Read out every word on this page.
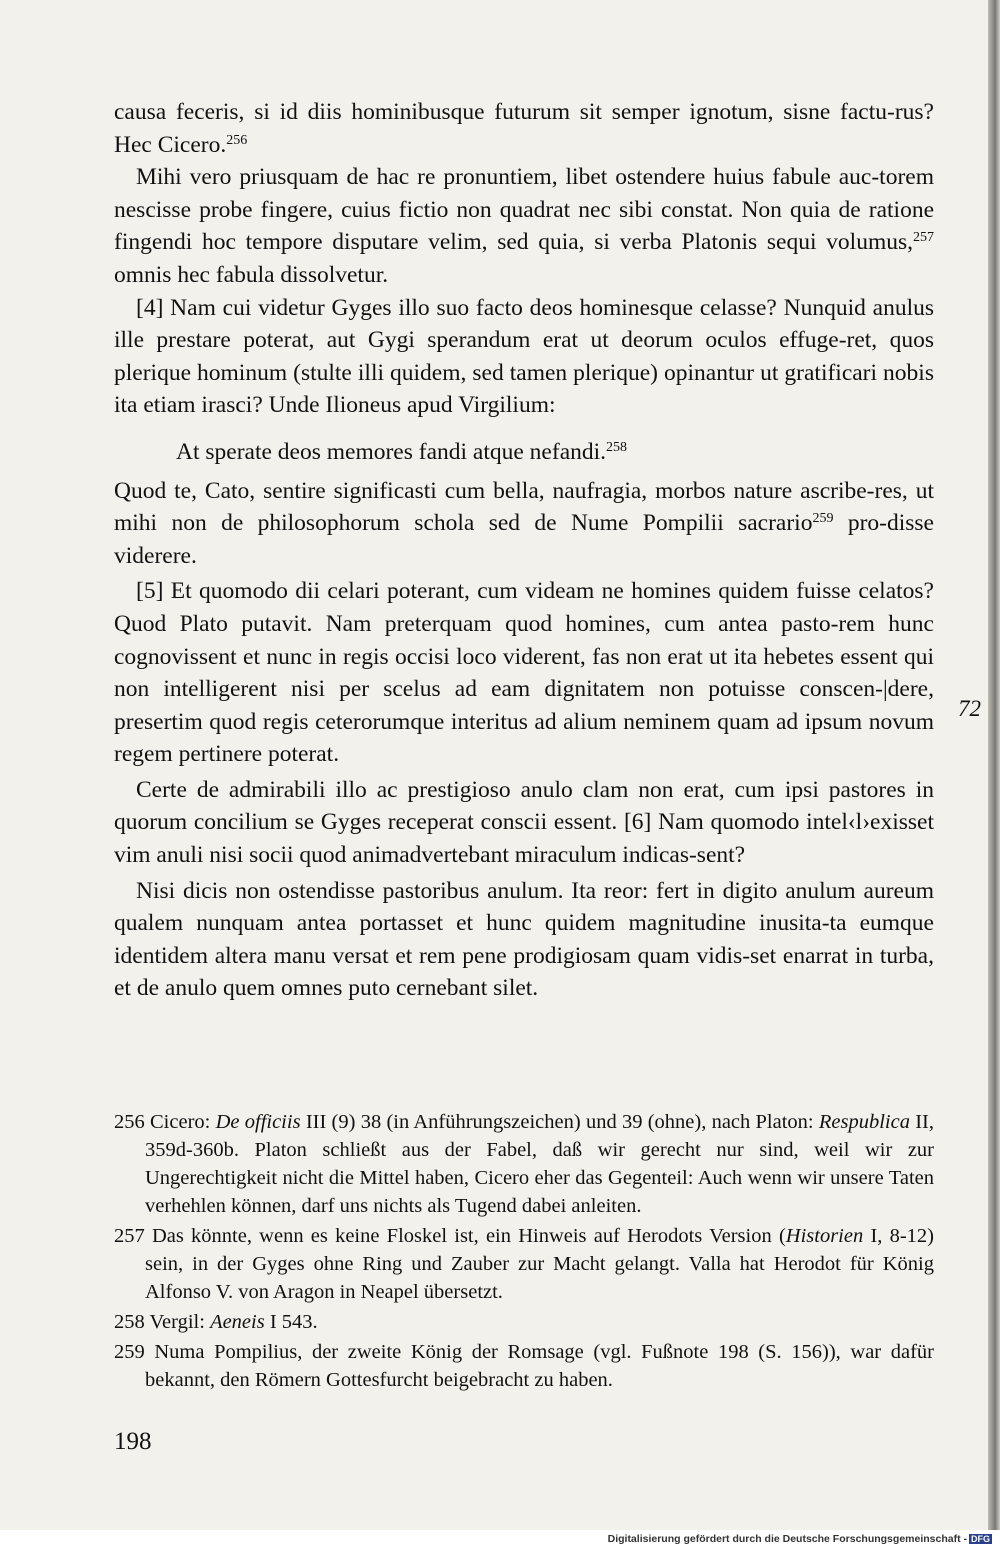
causa feceris, si id diis hominibusque futurum sit semper ignotum, sisne factu-rus? Hec Cicero.$^{256}$

Mihi vero priusquam de hac re pronuntiem, libet ostendere huius fabule auc-torem nescisse probe fingere, cuius fictio non quadrat nec sibi constat. Non quia de ratione fingendi hoc tempore disputare velim, sed quia, si verba Platonis sequi volumus,$^{257}$ omnis hec fabula dissolvetur.

[4] Nam cui videtur Gyges illo suo facto deos hominesque celasse? Nunquid anulus ille prestare poterat, aut Gygi sperandum erat ut deorum oculos effuge-ret, quos plerique hominum (stulte illi quidem, sed tamen plerique) opinantur ut gratificari nobis ita etiam irasci? Unde Ilioneus apud Virgilium:

At sperate deos memores fandi atque nefandi.$^{258}$

Quod te, Cato, sentire significasti cum bella, naufragia, morbos nature ascribe-res, ut mihi non de philosophorum schola sed de Nume Pompilii sacrario$^{259}$ pro-disse viderere.

[5] Et quomodo dii celari poterant, cum videam ne homines quidem fuisse celatos? Quod Plato putavit. Nam preterquam quod homines, cum antea pasto-rem hunc cognovissent et nunc in regis occisi loco viderent, fas non erat ut ita hebetes essent qui non intelligerent nisi per scelus ad eam dignitatem non potuisse conscen-|dere, presertim quod regis ceterorumque interitus ad alium neminem quam ad ipsum novum regem pertinere poterat.

Certe de admirabili illo ac prestigioso anulo clam non erat, cum ipsi pastores in quorum concilium se Gyges receperat conscii essent. [6] Nam quomodo intel‹l›exisset vim anuli nisi socii quod animadvertebant miraculum indicas-sent?

Nisi dicis non ostendisse pastoribus anulum. Ita reor: fert in digito anulum aureum qualem nunquam antea portasset et hunc quidem magnitudine inusita-ta eumque identidem altera manu versat et rem pene prodigiosam quam vidis-set enarrat in turba, et de anulo quem omnes puto cernebant silet.

72

256 Cicero: De officiis III (9) 38 (in Anführungszeichen) und 39 (ohne), nach Platon: Respublica II, 359d-360b. Platon schließt aus der Fabel, daß wir gerecht nur sind, weil wir zur Ungerechtigkeit nicht die Mittel haben, Cicero eher das Gegenteil: Auch wenn wir unsere Taten verhehlen können, darf uns nichts als Tugend dabei anleiten.

257 Das könnte, wenn es keine Floskel ist, ein Hinweis auf Herodots Version (Historien I, 8-12) sein, in der Gyges ohne Ring und Zauber zur Macht gelangt. Valla hat Herodot für König Alfonso V. von Aragon in Neapel übersetzt.

258 Vergil: Aeneis I 543.

259 Numa Pompilius, der zweite König der Romsage (vgl. Fußnote 198 (S. 156)), war dafür bekannt, den Römern Gottesfurcht beigebracht zu haben.

198
Digitalisierung gefördert durch die Deutsche Forschungsgemeinschaft - DFG
